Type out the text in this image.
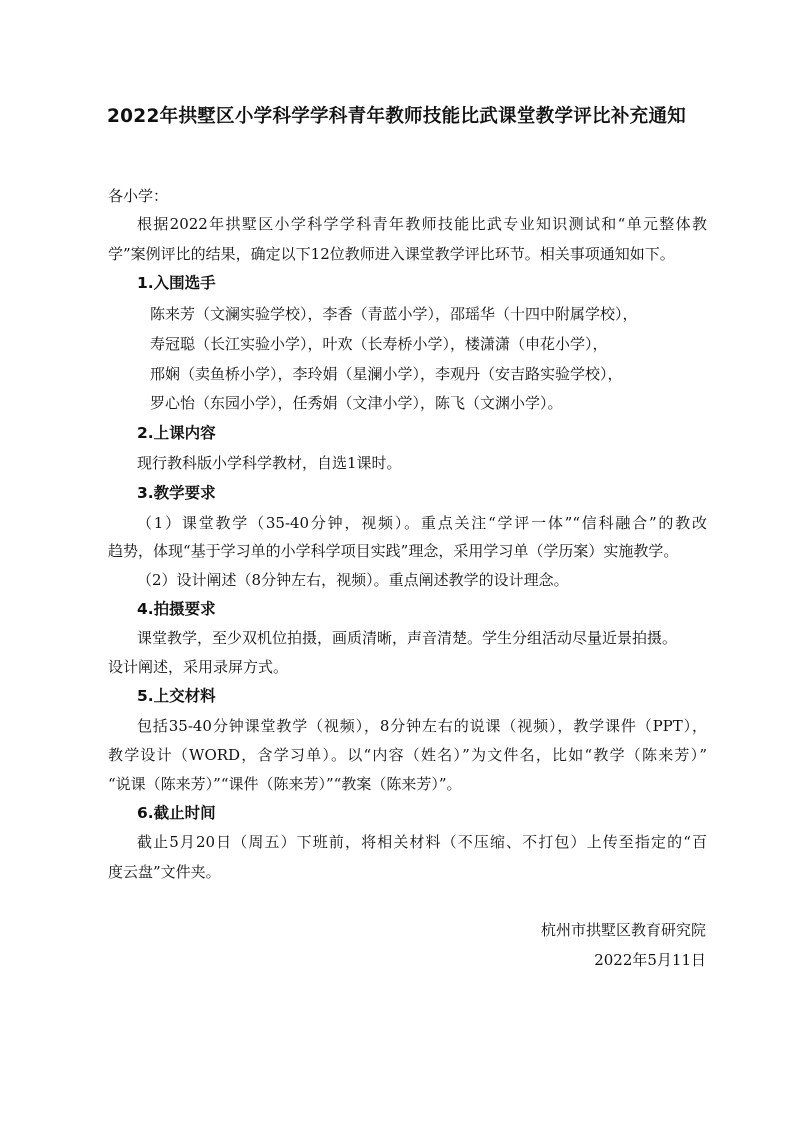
2022年拱墅区小学科学学科青年教师技能比武课堂教学评比补充通知
各小学：
根据2022年拱墅区小学科学学科青年教师技能比武专业知识测试和“单元整体教
学”案例评比的结果，确定以下12位教师进入课堂教学评比环节。相关事项通知如下。
1.入围选手
陈来芳（文澜实验学校），李香（青蓝小学），邵瑶华（十四中附属学校），
寿冠聪（长江实验小学），叶欢（长寿桥小学），楼潇潇（申花小学），
邢娴（卖鱼桥小学），李玲娟（星澜小学），李观丹（安吉路实验学校），
罗心怡（东园小学），任秀娟（文津小学），陈飞（文渊小学）。
2.上课内容
现行教科版小学科学教材，自选1课时。
3.教学要求
（1）课堂教学（35-40分钟，视频）。重点关注“学评一体”“信科融合”的教改
趋势，体现“基于学习单的小学科学项目实践”理念，采用学习单（学历案）实施教学。
（2）设计阐述（8分钟左右，视频）。重点阐述教学的设计理念。
4.拍摄要求
课堂教学，至少双机位拍摄，画质清晰，声音清楚。学生分组活动尽量近景拍摄。
设计阐述，采用录屏方式。
5.上交材料
包括35-40分钟课堂教学（视频），8分钟左右的说课（视频），教学课件（PPT），
教学设计（WORD，含学习单）。以“内容（姓名）”为文件名，比如“教学（陈来芳）”
“说课（陈来芳）”“课件（陈来芳）”“教案（陈来芳）”。
6.截止时间
截止5月20日（周五）下班前，将相关材料（不压缩、不打包）上传至指定的“百
度云盘”文件夹。
杭州市拱墅区教育研究院
2022年5月11日
